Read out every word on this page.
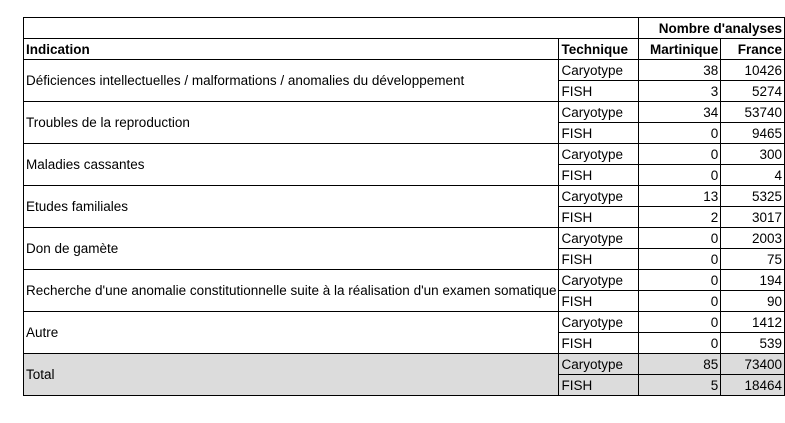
		Nombre d'analyses	
Indication	Technique	Martinique	France
Déficiences intellectuelles / malformations / anomalies du développement	Caryotype	38	10426
	FISH	3	5274
Troubles de la reproduction	Caryotype	34	53740
	FISH	0	9465
Maladies cassantes	Caryotype	0	300
	FISH	0	4
Etudes familiales	Caryotype	13	5325
	FISH	2	3017
Don de gamète	Caryotype	0	2003
	FISH	0	75
Recherche d'une anomalie constitutionnelle suite à la réalisation d'un examen somatique	Caryotype	0	194
	FISH	0	90
Autre	Caryotype	0	1412
	FISH	0	539
Total	Caryotype	85	73400
	FISH	5	18464
